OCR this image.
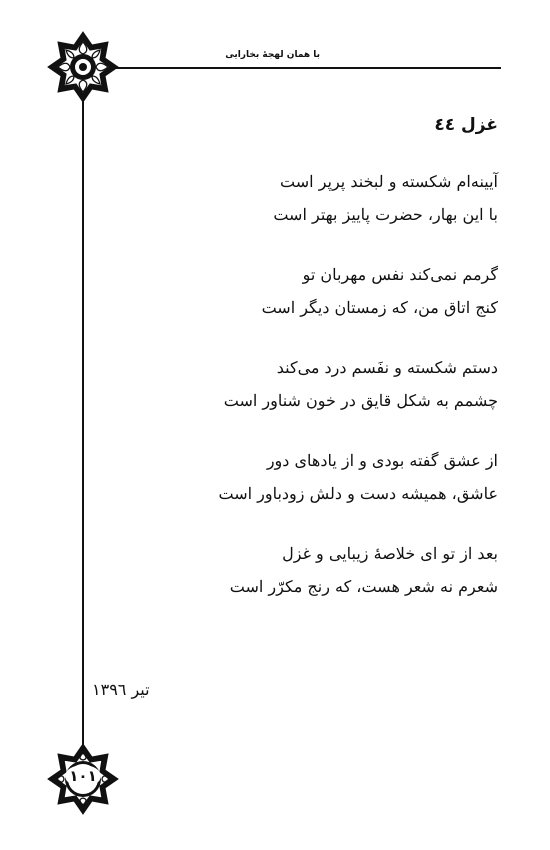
با همان لهجهٔ بخارایی
غزل ٤٤
آیینه‌ام شکسته و لبخند پرپر است
با این بهار، حضرت پاییز بهتر است
گرمم نمی‌کند نفس مهربان تو
کنج اتاق من، که زمستان دیگر است
دستم شکسته و نفَسم درد می‌کند
چشمم به شکل قایق در خون شناور است
از عشق گفته بودی و از یادهای دور
عاشق، همیشه دست و دلش زودباور است
بعد از تو ای خلاصهٔ زیبایی و غزل
شعرم نه شعر هست، که رنج مکرّر است
تیر ١٣٩٦
١٠١
